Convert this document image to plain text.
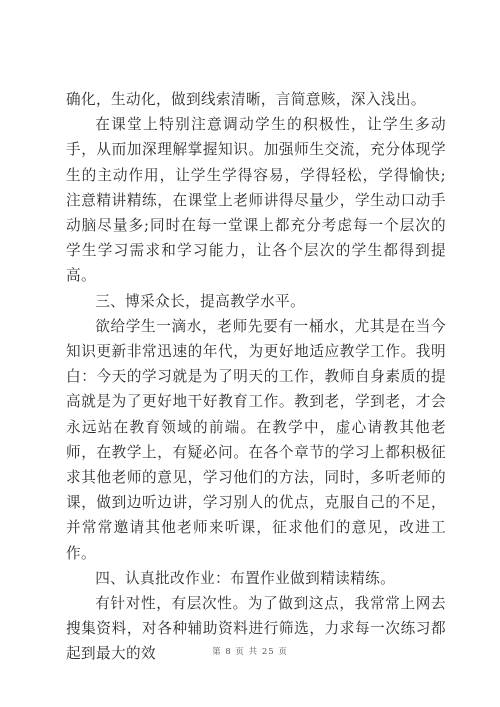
确化，生动化，做到线索清晰，言简意赅，深入浅出。

在课堂上特别注意调动学生的积极性，让学生多动手，从而加深理解掌握知识。加强师生交流，充分体现学生的主动作用，让学生学得容易，学得轻松，学得愉快;注意精讲精练，在课堂上老师讲得尽量少，学生动口动手动脑尽量多;同时在每一堂课上都充分考虑每一个层次的学生学习需求和学习能力，让各个层次的学生都得到提高。

三、博采众长，提高教学水平。

欲给学生一滴水，老师先要有一桶水，尤其是在当今知识更新非常迅速的年代，为更好地适应教学工作。我明白：今天的学习就是为了明天的工作，教师自身素质的提高就是为了更好地干好教育工作。教到老，学到老，才会永远站在教育领域的前端。在教学中，虚心请教其他老师，在教学上，有疑必问。在各个章节的学习上都积极征求其他老师的意见，学习他们的方法，同时，多听老师的课，做到边听边讲，学习别人的优点，克服自己的不足，并常常邀请其他老师来听课，征求他们的意见，改进工作。

四、认真批改作业：布置作业做到精读精练。

有针对性，有层次性。为了做到这点，我常常上网去搜集资料，对各种辅助资料进行筛选，力求每一次练习都起到最大的效	第 8 页 共 25 页
